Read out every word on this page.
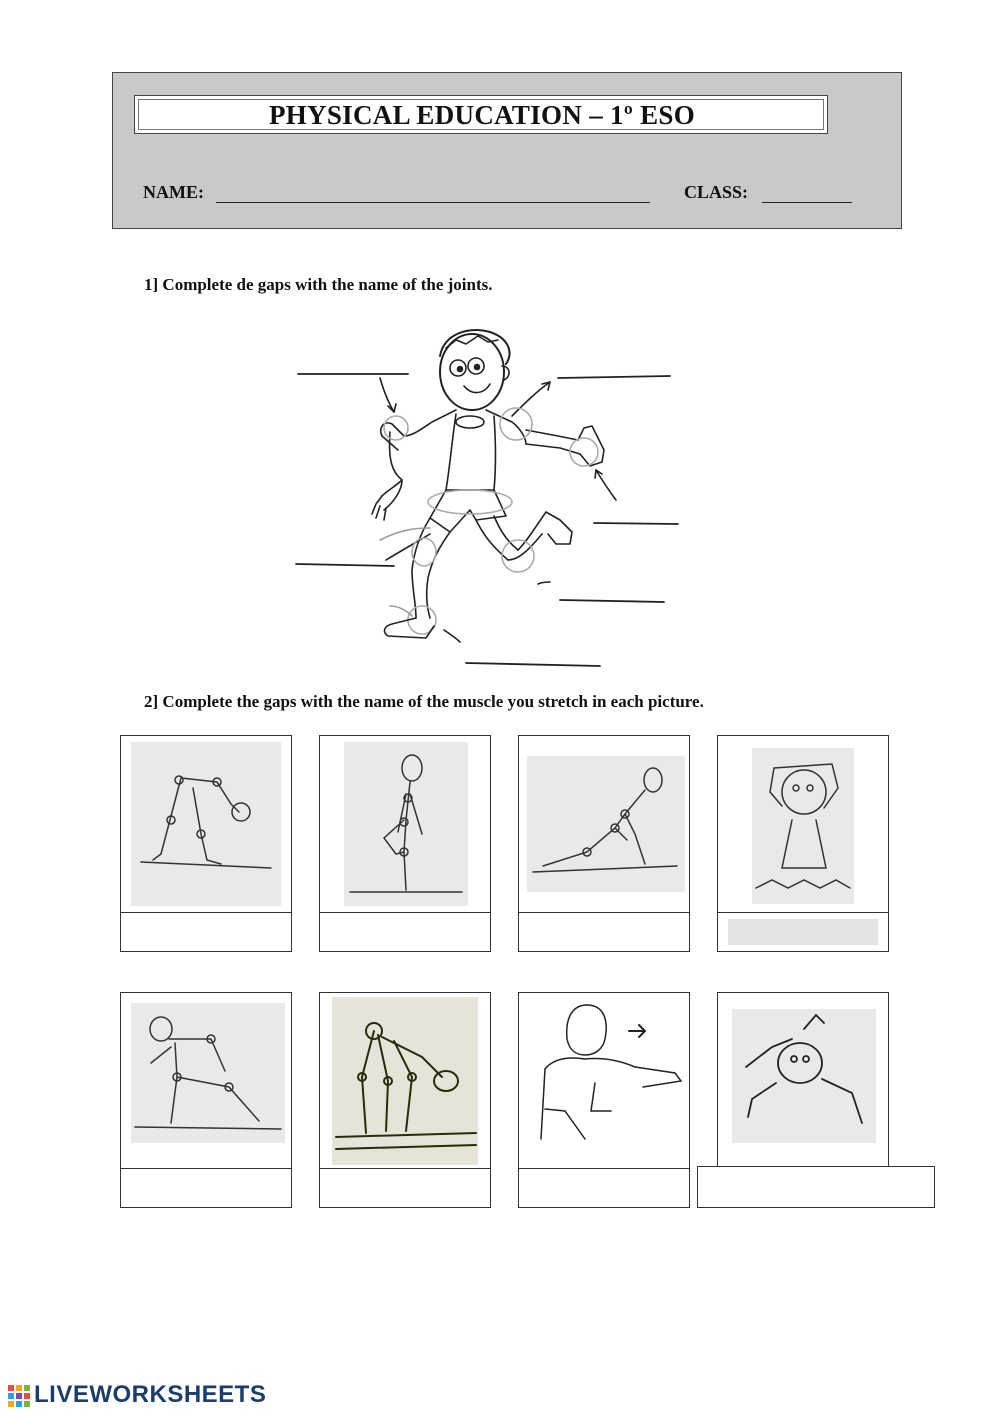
PHYSICAL EDUCATION – 1º ESO
NAME:	CLASS:
1] Complete de gaps with the name of the joints.
2] Complete the gaps with the name of the muscle you stretch in each picture.
LIVEWORKSHEETS
